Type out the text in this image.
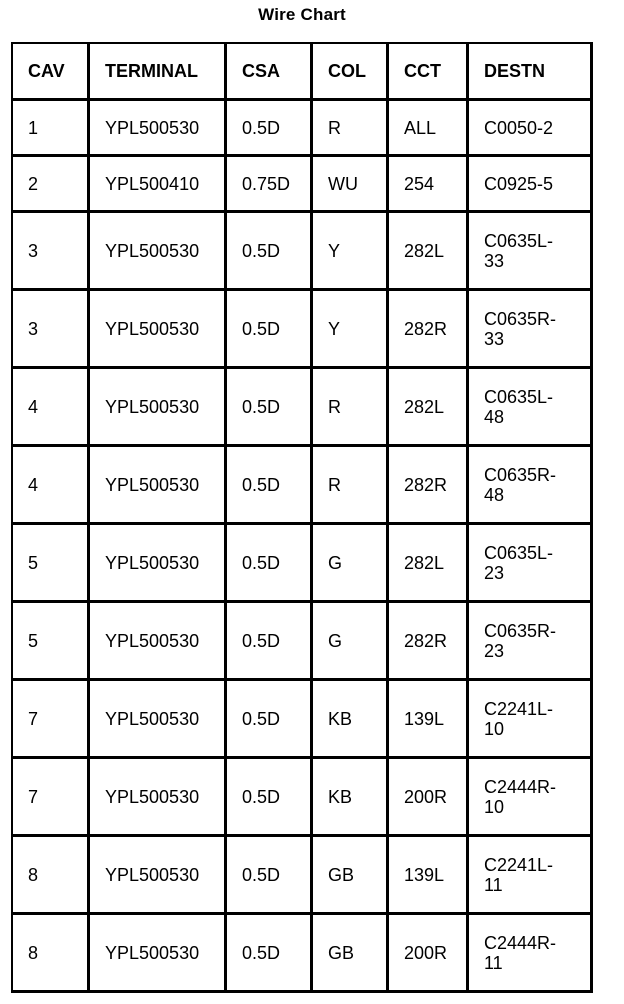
Wire Chart
CAV	TERMINAL	CSA	COL	CCT	DESTN
1	YPL500530	0.5D	R	ALL	C0050-2
2	YPL500410	0.75D	WU	254	C0925-5
3	YPL500530	0.5D	Y	282L	C0635L-33
3	YPL500530	0.5D	Y	282R	C0635R-33
4	YPL500530	0.5D	R	282L	C0635L-48
4	YPL500530	0.5D	R	282R	C0635R-48
5	YPL500530	0.5D	G	282L	C0635L-23
5	YPL500530	0.5D	G	282R	C0635R-23
7	YPL500530	0.5D	KB	139L	C2241L-10
7	YPL500530	0.5D	KB	200R	C2444R-10
8	YPL500530	0.5D	GB	139L	C2241L-11
8	YPL500530	0.5D	GB	200R	C2444R-11
